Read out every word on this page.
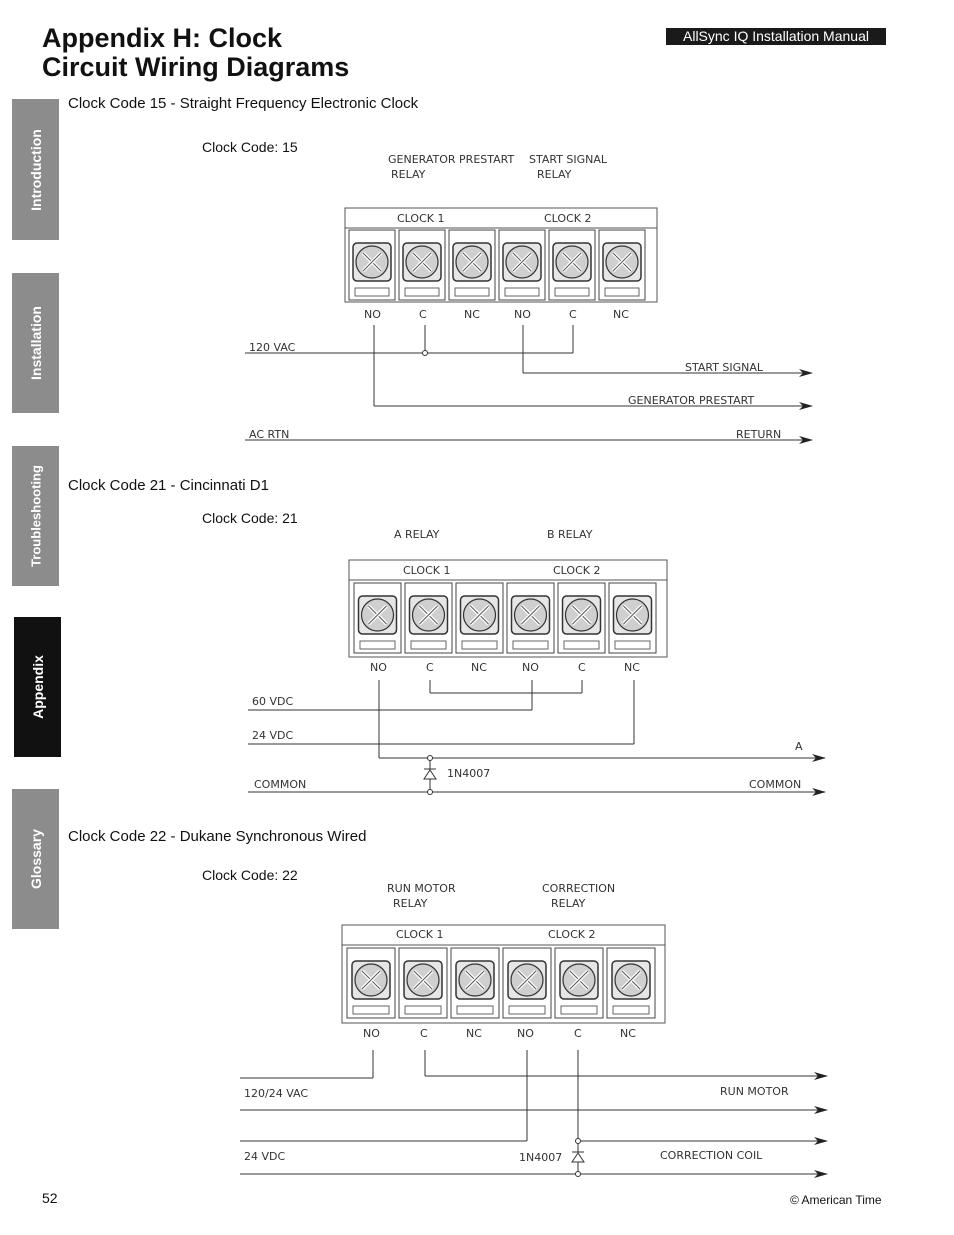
Appendix H: Clock
Circuit Wiring Diagrams
AllSync IQ Installation Manual
Introduction
Installation
Troubleshooting
Appendix
Glossary
Clock Code 15 - Straight Frequency Electronic Clock
Clock Code: 15
Clock Code 21 - Cincinnati D1
Clock Code: 21
Clock Code 22 - Dukane Synchronous Wired
Clock Code: 22
GENERATOR PRESTART
RELAY
START SIGNAL
RELAY
CLOCK 1	CLOCK 2
NO	C	NC	NO	C	NC
120 VAC
AC RTN
START SIGNAL
GENERATOR PRESTART
RETURN
A RELAY	B RELAY
CLOCK 1	CLOCK 2
NO	C	NC	NO	C	NC
60 VDC
24 VDC
COMMON
A
COMMON
1N4007
RUN MOTOR
RELAY
CORRECTION
RELAY
CLOCK 1	CLOCK 2
NO	C	NC	NO	C	NC
120/24 VAC
24 VDC
RUN MOTOR
CORRECTION COIL
1N4007
52	© American Time
